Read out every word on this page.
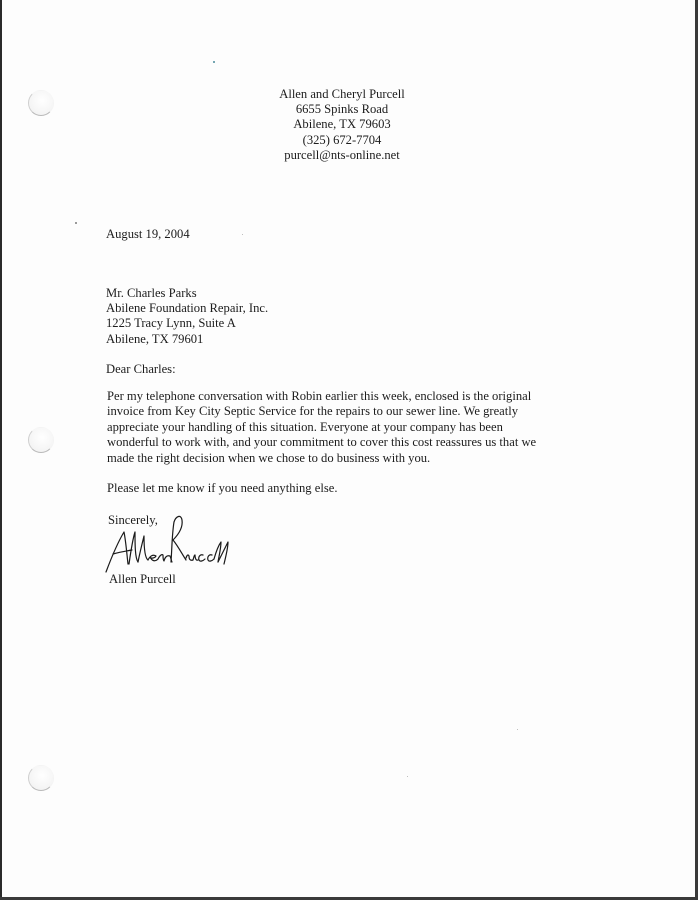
Allen and Cheryl Purcell
6655 Spinks Road
Abilene, TX 79603
(325) 672-7704
purcell@nts-online.net
August 19, 2004
Mr. Charles Parks
Abilene Foundation Repair, Inc.
1225 Tracy Lynn, Suite A
Abilene, TX 79601
Dear Charles:
Per my telephone conversation with Robin earlier this week, enclosed is the original
invoice from Key City Septic Service for the repairs to our sewer line. We greatly
appreciate your handling of this situation. Everyone at your company has been
wonderful to work with, and your commitment to cover this cost reassures us that we
made the right decision when we chose to do business with you.
Please let me know if you need anything else.
Sincerely,
Allen Purcell
